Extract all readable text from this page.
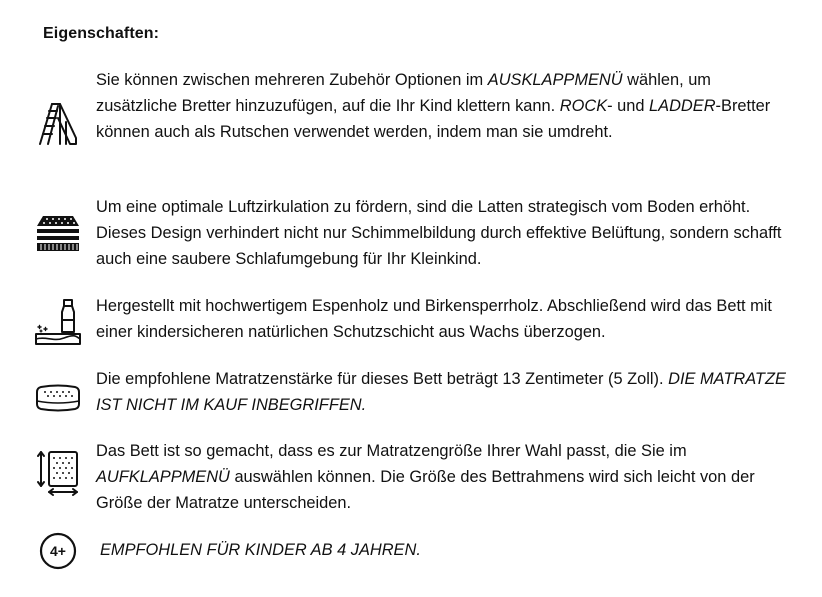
Eigenschaften:
Sie können zwischen mehreren Zubehör Optionen im AUSKLAPPMENÜ wählen, um zusätzliche Bretter hinzuzufügen, auf die Ihr Kind klettern kann. ROCK- und LADDER-Bretter können auch als Rutschen verwendet werden, indem man sie umdreht.
Um eine optimale Luftzirkulation zu fördern, sind die Latten strategisch vom Boden erhöht. Dieses Design verhindert nicht nur Schimmelbildung durch effektive Belüftung, sondern schafft auch eine saubere Schlafumgebung für Ihr Kleinkind.
Hergestellt mit hochwertigem Espenholz und Birkensperrholz. Abschließend wird das Bett mit einer kindersicheren natürlichen Schutzschicht aus Wachs überzogen.
Die empfohlene Matratzenstärke für dieses Bett beträgt 13 Zentimeter (5 Zoll). DIE MATRATZE IST NICHT IM KAUF INBEGRIFFEN.
Das Bett ist so gemacht, dass es zur Matratzengröße Ihrer Wahl passt, die Sie im AUFKLAPPMENÜ auswählen können. Die Größe des Bettrahmens wird sich leicht von der Größe der Matratze unterscheiden.
4+ EMPFOHLEN FÜR KINDER AB 4 JAHREN.
